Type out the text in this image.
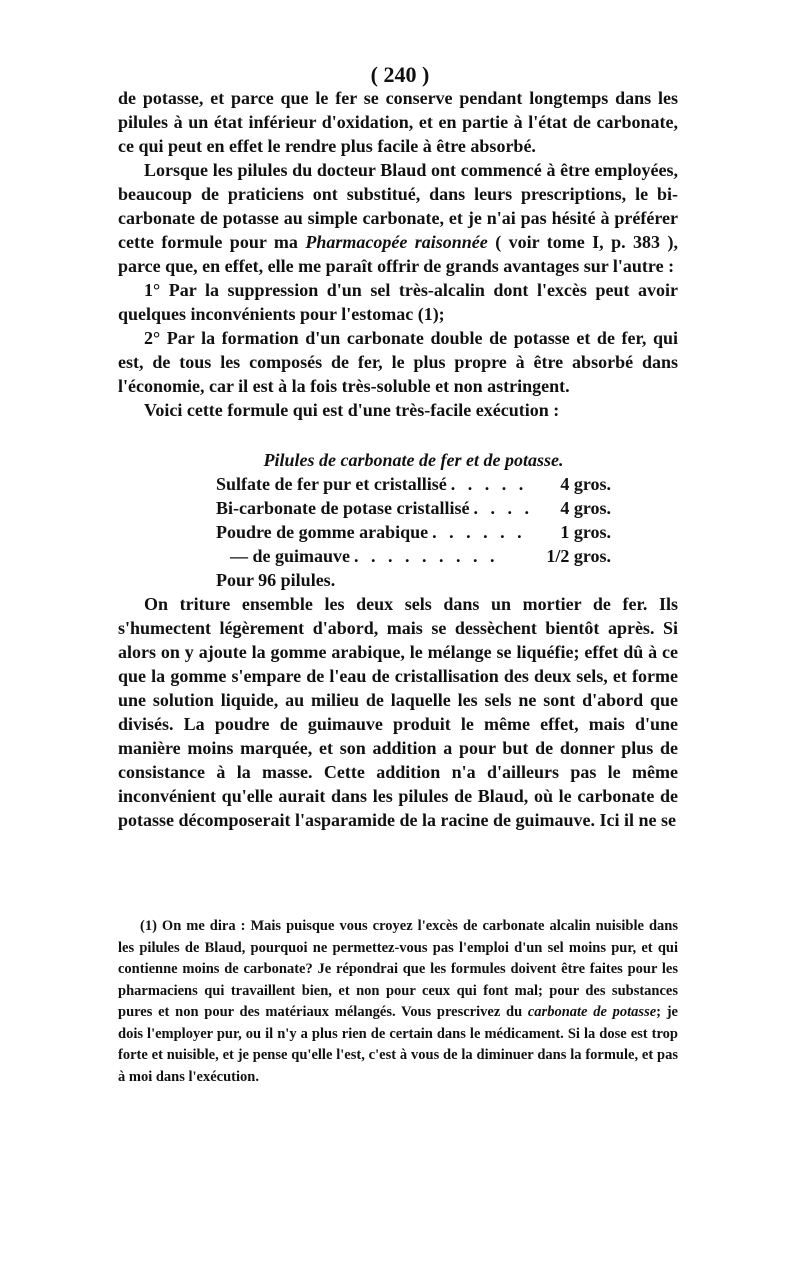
( 240 )

de potasse, et parce que le fer se conserve pendant longtemps dans les pilules à un état inférieur d'oxidation, et en partie à l'état de carbonate, ce qui peut en effet le rendre plus facile à être absorbé.

Lorsque les pilules du docteur Blaud ont commencé à être employées, beaucoup de praticiens ont substitué, dans leurs prescriptions, le bi-carbonate de potasse au simple carbonate, et je n'ai pas hésité à préférer cette formule pour ma Pharmacopée raisonnée ( voir tome I, p. 383 ), parce que, en effet, elle me paraît offrir de grands avantages sur l'autre :

1° Par la suppression d'un sel très-alcalin dont l'excès peut avoir quelques inconvénients pour l'estomac (1);

2° Par la formation d'un carbonate double de potasse et de fer, qui est, de tous les composés de fer, le plus propre à être absorbé dans l'économie, car il est à la fois très-soluble et non astringent.

Voici cette formule qui est d'une très-facile exécution :

Pilules de carbonate de fer et de potasse.
Sulfate de fer pur et cristallisé . . . . .	4 gros.
Bi-carbonate de potase cristallisé . . . .	4 gros.
Poudre de gomme arabique . . . . . .	1 gros.
— de guimauve . . . . . . . . .	1/2 gros.
Pour 96 pilules.

On triture ensemble les deux sels dans un mortier de fer. Ils s'humectent légèrement d'abord, mais se dessèchent bientôt après. Si alors on y ajoute la gomme arabique, le mélange se liquéfie; effet dû à ce que la gomme s'empare de l'eau de cristallisation des deux sels, et forme une solution liquide, au milieu de laquelle les sels ne sont d'abord que divisés. La poudre de guimauve produit le même effet, mais d'une manière moins marquée, et son addition a pour but de donner plus de consistance à la masse. Cette addition n'a d'ailleurs pas le même inconvénient qu'elle aurait dans les pilules de Blaud, où le carbonate de potasse décomposerait l'asparamide de la racine de guimauve. Ici il ne se

(1) On me dira : Mais puisque vous croyez l'excès de carbonate alcalin nuisible dans les pilules de Blaud, pourquoi ne permettez-vous pas l'emploi d'un sel moins pur, et qui contienne moins de carbonate? Je répondrai que les formules doivent être faites pour les pharmaciens qui travaillent bien, et non pour ceux qui font mal; pour des substances pures et non pour des matériaux mélangés. Vous prescrivez du carbonate de potasse; je dois l'employer pur, ou il n'y a plus rien de certain dans le médicament. Si la dose est trop forte et nuisible, et je pense qu'elle l'est, c'est à vous de la diminuer dans la formule, et pas à moi dans l'exécution.
